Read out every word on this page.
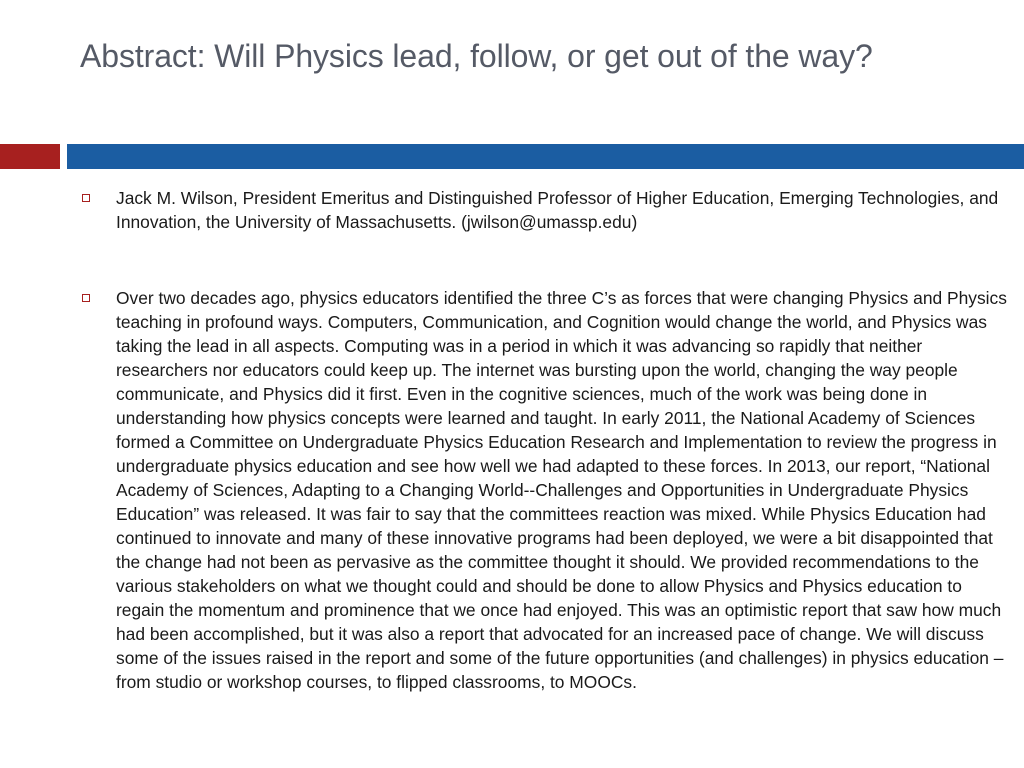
Abstract: Will Physics lead, follow, or get out of the way?
Jack M. Wilson, President Emeritus and Distinguished Professor of Higher Education, Emerging Technologies, and Innovation, the University of Massachusetts. (jwilson@umassp.edu)
Over two decades ago, physics educators identified the three C’s as forces that were changing Physics and Physics teaching in profound ways. Computers, Communication, and Cognition would change the world, and Physics was taking the lead in all aspects. Computing was in a period in which it was advancing so rapidly that neither researchers nor educators could keep up. The internet was bursting upon the world, changing the way people communicate, and Physics did it first. Even in the cognitive sciences, much of the work was being done in understanding how physics concepts were learned and taught. In early 2011, the National Academy of Sciences formed a Committee on Undergraduate Physics Education Research and Implementation to review the progress in undergraduate physics education and see how well we had adapted to these forces. In 2013, our report, “National Academy of Sciences, Adapting to a Changing World--Challenges and Opportunities in Undergraduate Physics Education” was released. It was fair to say that the committees reaction was mixed. While Physics Education had continued to innovate and many of these innovative programs had been deployed, we were a bit disappointed that the change had not been as pervasive as the committee thought it should. We provided recommendations to the various stakeholders on what we thought could and should be done to allow Physics and Physics education to regain the momentum and prominence that we once had enjoyed. This was an optimistic report that saw how much had been accomplished, but it was also a report that advocated for an increased pace of change. We will discuss some of the issues raised in the report and some of the future opportunities (and challenges) in physics education –from studio or workshop courses, to flipped classrooms, to MOOCs.
